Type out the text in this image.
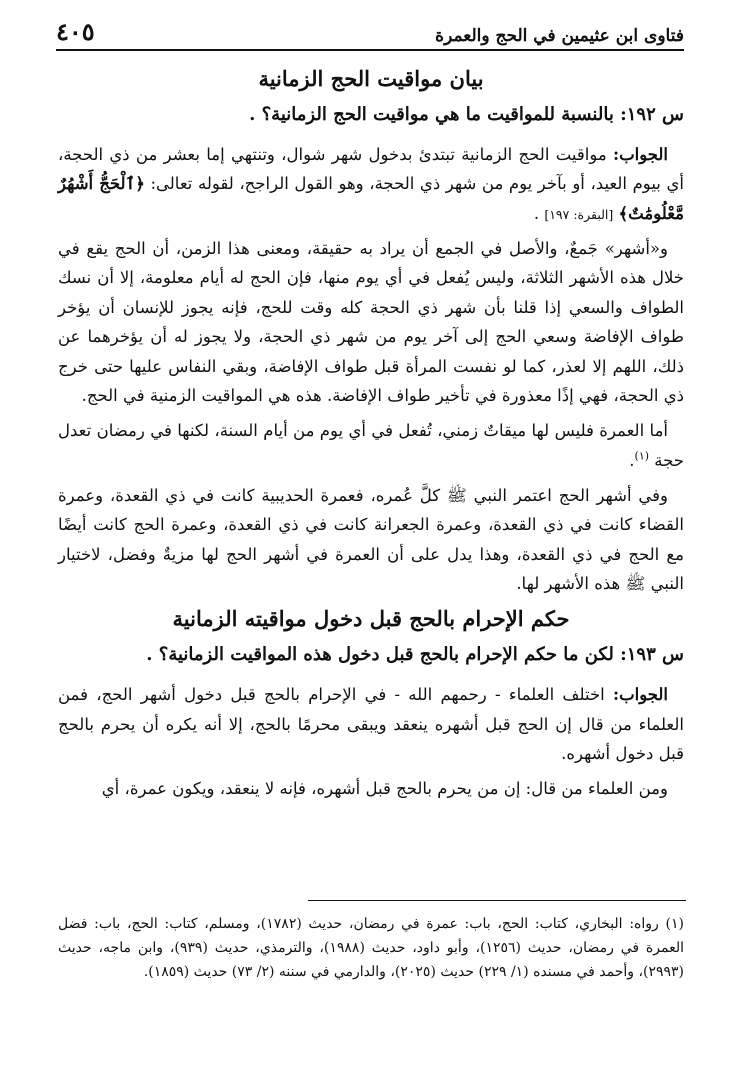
فتاوى ابن عثيمين في الحج والعمرة
٤٠٥
بيان مواقيت الحج الزمانية
س ١٩٢: بالنسبة للمواقيت ما هي مواقيت الحج الزمانية؟ .

الجواب: مواقيت الحج الزمانية تبتدئ بدخول شهر شوال، وتنتهي إما بعشر من ذي الحجة، أي بيوم العيد، أو بآخر يوم من شهر ذي الحجة، وهو القول الراجح، لقوله تعالى: ﴿ٱلْحَجُّ أَشْهُرٌ مَّعْلُومَٰتٌ﴾ [البقرة: ١٩٧] .

و«أشهر» جَمعٌ، والأصل في الجمع أن يراد به حقيقة، ومعنى هذا الزمن، أن الحج يقع في خلال هذه الأشهر الثلاثة، وليس يُفعل في أي يوم منها، فإن الحج له أيام معلومة، إلا أن نسك الطواف والسعي إذا قلنا بأن شهر ذي الحجة كله وقت للحج، فإنه يجوز للإنسان أن يؤخر طواف الإفاضة وسعي الحج إلى آخر يوم من شهر ذي الحجة، ولا يجوز له أن يؤخرهما عن ذلك، اللهم إلا لعذر، كما لو نفست المرأة قبل طواف الإفاضة، وبقي النفاس عليها حتى خرج ذي الحجة، فهي إذًا معذورة في تأخير طواف الإفاضة. هذه هي المواقيت الزمنية في الحج.

أما العمرة فليس لها ميقاتٌ زمني، تُفعل في أي يوم من أيام السنة، لكنها في رمضان تعدل حجة $^{(١)}$.

وفي أشهر الحج اعتمر النبي ﷺ كلَّ عُمره، فعمرة الحديبية كانت في ذي القعدة، وعمرة القضاء كانت في ذي القعدة، وعمرة الجعرانة كانت في ذي القعدة، وعمرة الحج كانت أيضًا مع الحج في ذي القعدة، وهذا يدل على أن العمرة في أشهر الحج لها مزيةٌ وفضل، لاختيار النبي ﷺ هذه الأشهر لها.

حكم الإحرام بالحج قبل دخول مواقيته الزمانية
س ١٩٣: لكن ما حكم الإحرام بالحج قبل دخول هذه المواقيت الزمانية؟ .

الجواب: اختلف العلماء - رحمهم الله - في الإحرام بالحج قبل دخول أشهر الحج، فمن العلماء من قال إن الحج قبل أشهره ينعقد ويبقى محرمًا بالحج، إلا أنه يكره أن يحرم بالحج قبل دخول أشهره.

ومن العلماء من قال: إن من يحرم بالحج قبل أشهره، فإنه لا ينعقد، ويكون عمرة، أي

(١) رواه: البخاري، كتاب: الحج، باب: عمرة في رمضان، حديث (١٧٨٢)، ومسلم، كتاب: الحج، باب: فضل العمرة في رمضان، حديث (١٢٥٦)، وأبو داود، حديث (١٩٨٨)، والترمذي، حديث (٩٣٩)، وابن ماجه، حديث (٢٩٩٣)، وأحمد في مسنده (١/ ٢٢٩) حديث (٢٠٢٥)، والدارمي في سننه (٢/ ٧٣) حديث (١٨٥٩).
